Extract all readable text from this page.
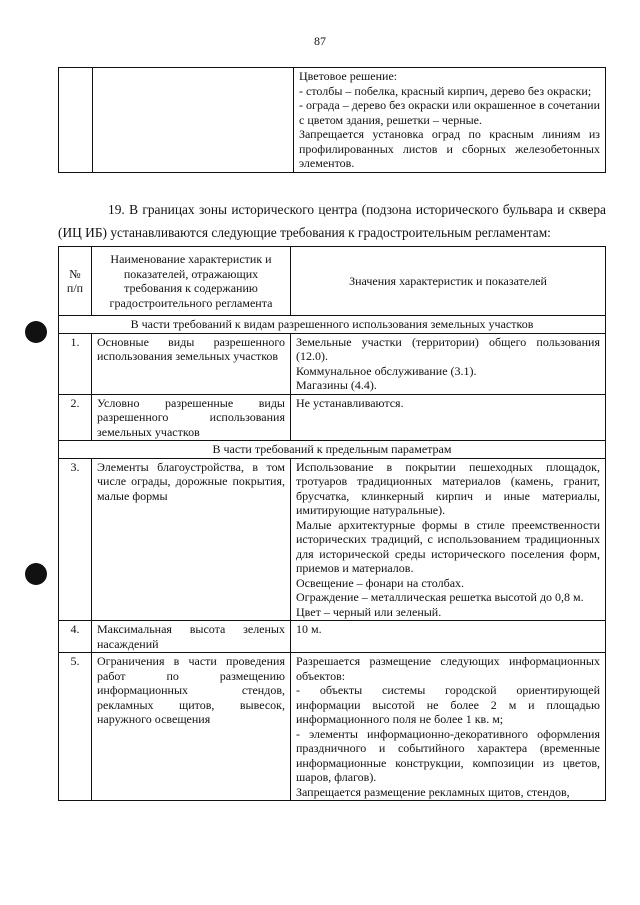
87

Цветовое решение:
- столбы – побелка, красный кирпич, дерево без окраски;
- ограда – дерево без окраски или окрашенное в сочетании с цветом здания, решетки – черные.
Запрещается установка оград по красным линиям из профилированных листов и сборных железобетонных элементов.
19. В границах зоны исторического центра (подзона исторического бульвара и сквера (ИЦ ИБ) устанавливаются следующие требования к градостроительным регламентам:
№ п/п	Наименование характеристик и показателей, отражающих требования к содержанию градостроительного регламента	Значения характеристик и показателей
В части требований к видам разрешенного использования земельных участков		
1.	Основные виды разрешенного использования земельных участков	Земельные участки (территории) общего пользования (12.0).
Коммунальное обслуживание (3.1).
Магазины (4.4).

2.	Условно разрешенные виды разрешенного использования земельных участков	Не устанавливаются.
В части требований к предельным параметрам		
3.	Элементы благоустройства, в том числе ограды, дорожные покрытия, малые формы	Использование в покрытии пешеходных площадок, тротуаров традиционных материалов (камень, гранит, брусчатка, клинкерный кирпич и иные материалы, имитирующие натуральные).
Малые архитектурные формы в стиле преемственности исторических традиций, с использованием традиционных для исторической среды исторического поселения форм, приемов и материалов.
Освещение – фонари на столбах.
Ограждение – металлическая решетка высотой до 0,8 м.
Цвет – черный или зеленый.

4.	Максимальная высота зеленых насаждений	10 м.
5.	Ограничения в части проведения работ по размещению информационных стендов, рекламных щитов, вывесок, наружного освещения	Разрешается размещение следующих информационных объектов:
- объекты системы городской ориентирующей информации высотой не более 2 м и площадью информационного поля не более 1 кв. м;
- элементы информационно-декоративного оформления праздничного и событийного характера (временные информационные конструкции, композиции из цветов, шаров, флагов).
Запрещается размещение рекламных щитов, стендов,
